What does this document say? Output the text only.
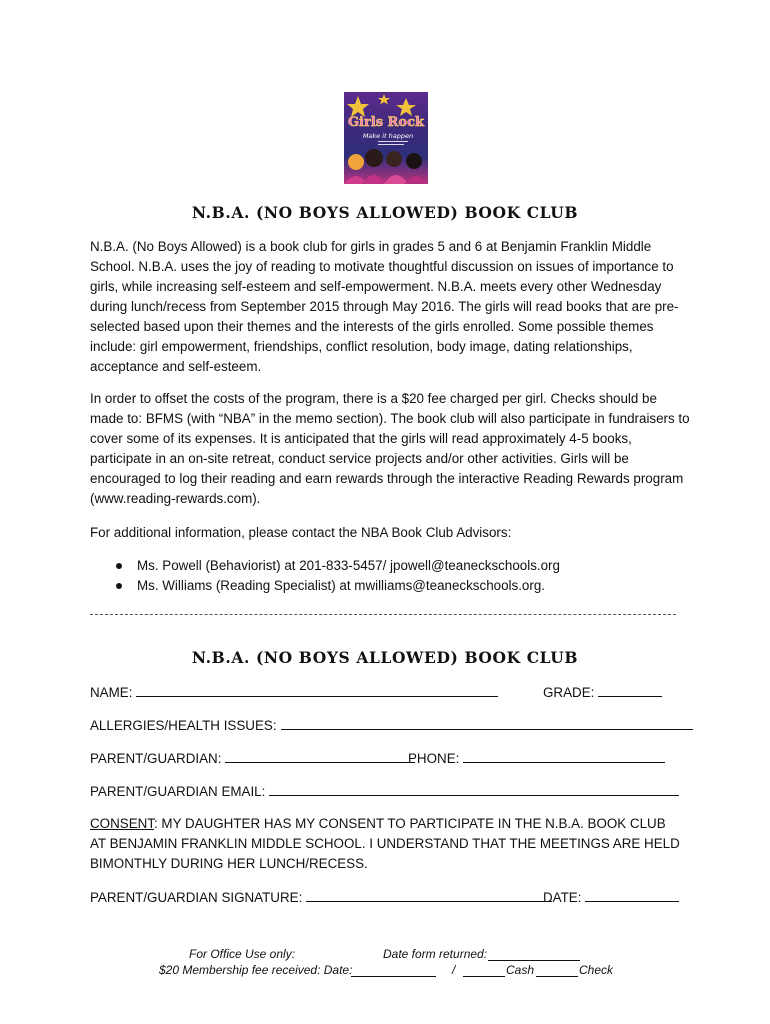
Girls Rock
Make it happen
N.B.A. (NO BOYS ALLOWED) BOOK CLUB
N.B.A. (No Boys Allowed) is a book club for girls in grades 5 and 6 at Benjamin Franklin Middle School. N.B.A. uses the joy of reading to motivate thoughtful discussion on issues of importance to girls, while increasing self-esteem and self-empowerment. N.B.A. meets every other Wednesday during lunch/recess from September 2015 through May 2016. The girls will read books that are pre-selected based upon their themes and the interests of the girls enrolled. Some possible themes include: girl empowerment, friendships, conflict resolution, body image, dating relationships, acceptance and self-esteem.
In order to offset the costs of the program, there is a $20 fee charged per girl. Checks should be made to: BFMS (with “NBA” in the memo section). The book club will also participate in fundraisers to cover some of its expenses. It is anticipated that the girls will read approximately 4-5 books, participate in an on-site retreat, conduct service projects and/or other activities. Girls will be encouraged to log their reading and earn rewards through the interactive Reading Rewards program (www.reading-rewards.com).
For additional information, please contact the NBA Book Club Advisors:
Ms. Powell (Behaviorist) at 201-833-5457/ jpowell@teaneckschools.org
Ms. Williams (Reading Specialist) at mwilliams@teaneckschools.org.
N.B.A. (NO BOYS ALLOWED) BOOK CLUB
NAME:	GRADE:
ALLERGIES/HEALTH ISSUES:
PARENT/GUARDIAN:	PHONE:
PARENT/GUARDIAN EMAIL:
CONSENT: MY DAUGHTER HAS MY CONSENT TO PARTICIPATE IN THE N.B.A. BOOK CLUB AT BENJAMIN FRANKLIN MIDDLE SCHOOL. I UNDERSTAND THAT THE MEETINGS ARE HELD BIMONTHLY DURING HER LUNCH/RECESS.
PARENT/GUARDIAN SIGNATURE:	DATE:
For Office Use only:	Date form returned:
$20 Membership fee received: Date:	/	Cash	Check
